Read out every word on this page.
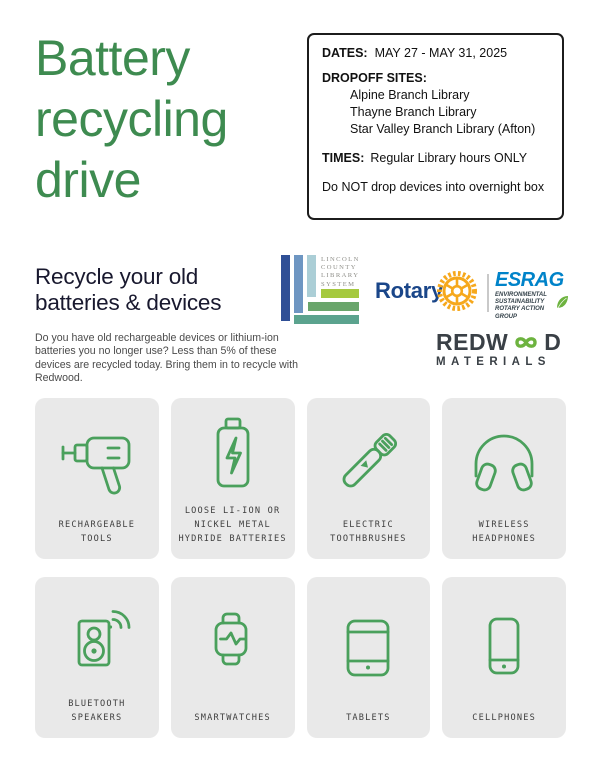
Battery
recycling
drive
DATES: MAY 27 - MAY 31, 2025
DROPOFF SITES:
Alpine Branch Library
Thayne Branch Library
Star Valley Branch Library (Afton)
TIMES: Regular Library hours ONLY
Do NOT drop devices into overnight box
Recycle your old
batteries & devices
Do you have old rechargeable devices or lithium-ion batteries you no longer use? Less than 5% of these devices are recycled today. Bring them in to recycle with Redwood.
LINCOLN
COUNTY
LIBRARY
SYSTEM Rotary	ESRAG
ENVIRONMENTAL
SUSTAINABILITY
ROTARY ACTION GROUP
REDW D
MATERIALS
RECHARGEABLE
TOOLS
LOOSE LI-ION OR
NICKEL METAL
HYDRIDE BATTERIES
ELECTRIC
TOOTHBRUSHES
WIRELESS
HEADPHONES
BLUETOOTH
SPEAKERS	SMARTWATCHES	TABLETS	CELLPHONES
